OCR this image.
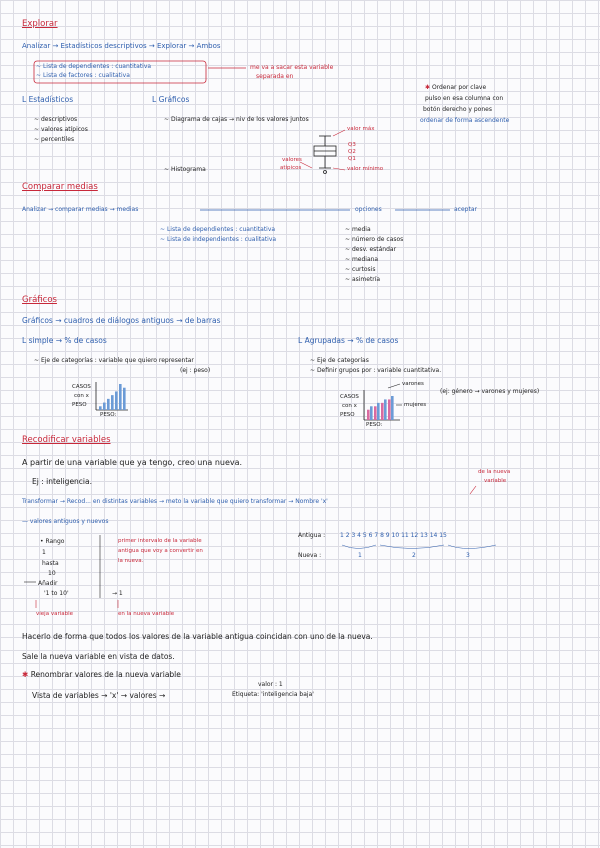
Explorar
Analizar → Estadísticos descriptivos → Explorar → Ambos
~ Lista de dependientes : cuantitativa
~ Lista de factores : cualitativa
me va a sacar esta variable
separada en
L Estadísticos	L Gráficos
~ descriptivos
~ valores atípicos
~ percentiles
~ Diagrama de cajas → niv de los valores juntos
~ Histograma
valor máx
Q3
Q2
Q1
valor mínimo
valores
atípicos
✱ Ordenar por clave
pulso en esa columna con
botón derecho y pones
ordenar de forma ascendente
Comparar medias
Analizar → comparar medias → medias	opciones	aceptar
~ Lista de dependientes : cuantitativa
~ Lista de independientes : cualitativa
~ media
~ número de casos
~ desv. estándar
~ mediana
~ curtosis
~ asimetría
Gráficos
Gráficos → cuadros de diálogos antiguos → de barras
L simple → % de casos	L Agrupadas → % de casos
~ Eje de categorías : variable que quiero representar
(ej : peso)
~ Eje de categorías
~ Definir grupos por : variable cuantitativa.
(ej: género → varones y mujeres)
CASOS
con x
PESO
PESO:
CASOS
con x
PESO
PESO:
varones
mujeres
Recodificar variables
A partir de una variable que ya tengo, creo una nueva.
Ej : inteligencia.
de la nueva
variable
Transformar → Recod... en distintas variables → meto la variable que quiero transformar → Nombre 'x'
— valores antiguos y nuevos
• Rango
1
hasta
10
Añadir
'1 to 10'	→ 1
vieja variable	en la nueva variable
primer intervalo de la variable
antigua que voy a convertir en
la nueva.
Antigua : 1 2 3 4 5 6 7 8 9 10 11 12 13 14 15
Nueva :	1	2	3
Hacerlo de forma que todos los valores de la variable antigua coincidan con uno de la nueva.
Sale la nueva variable en vista de datos.
✱ Renombrar valores de la nueva variable
Vista de variables → 'x' → valores →
valor : 1
Etiqueta: 'inteligencia baja'
